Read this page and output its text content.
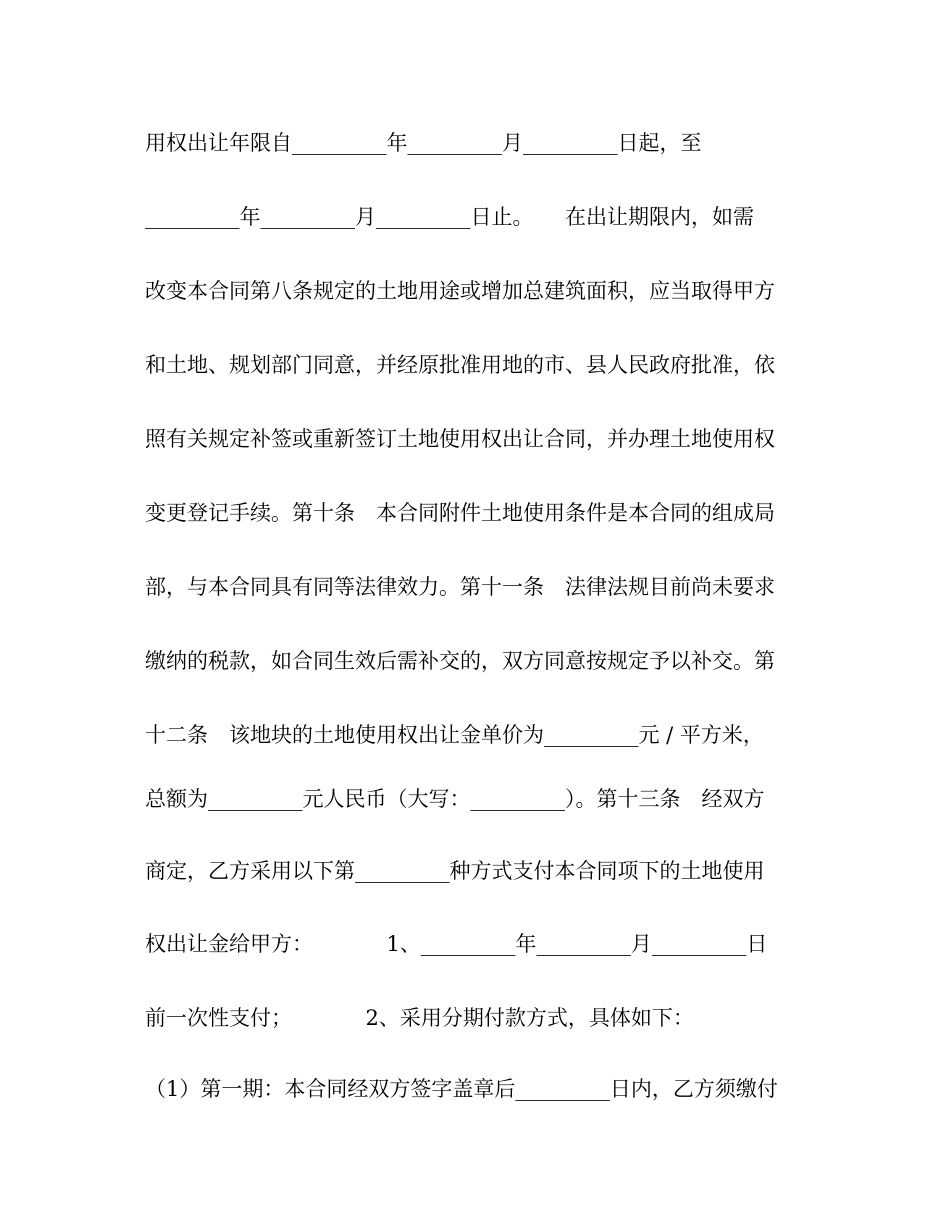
用权出让年限自_________年_________月_________日起，至
_________年_________月_________日止。　　在出让期限内，如需
改变本合同第八条规定的土地用途或增加总建筑面积，应当取得甲方
和土地、规划部门同意，并经原批准用地的市、县人民政府批准，依
照有关规定补签或重新签订土地使用权出让合同，并办理土地使用权
变更登记手续。第十条　本合同附件土地使用条件是本合同的组成局
部，与本合同具有同等法律效力。第十一条　法律法规目前尚未要求
缴纳的税款，如合同生效后需补交的，双方同意按规定予以补交。第
十二条　该地块的土地使用权出让金单价为_________元 / 平方米，
总额为_________元人民币（大写：_________）。第十三条　经双方
商定，乙方采用以下第_________种方式支付本合同项下的土地使用
权出让金给甲方：　　　　1、_________年_________月_________日
前一次性支付；　　　　2、采用分期付款方式，具体如下：
（1）第一期：本合同经双方签字盖章后_________日内，乙方须缴付
